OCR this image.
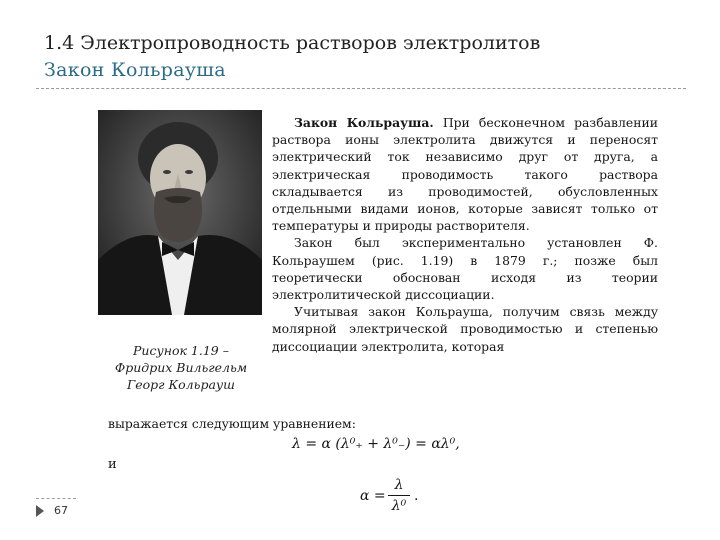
1.4 Электропроводность растворов электролитов
Закон Кольрауша
Рисунок 1.19 –
Фридрих Вильгельм
Георг Кольрауш

Закон Кольрауша. При бесконечном разбавлении раствора ионы электролита движутся и переносят электрический ток независимо друг от друга, а электрическая проводимость такого раствора складывается из проводимостей, обусловленных отдельными видами ионов, которые зависят только от температуры и природы растворителя.

Закон был экспериментально установлен Ф. Кольраушем (рис. 1.19) в 1879 г.; позже был теоретически обоснован исходя из теории электролитической диссоциации.

Учитывая закон Кольрауша, получим связь между молярной электрической проводимостью и степенью диссоциации электролита, которая

выражается следующим уравнением:
λ = α (λ⁰₊ + λ⁰₋) = αλ⁰,
и
α =
λ
λ⁰
.
67
